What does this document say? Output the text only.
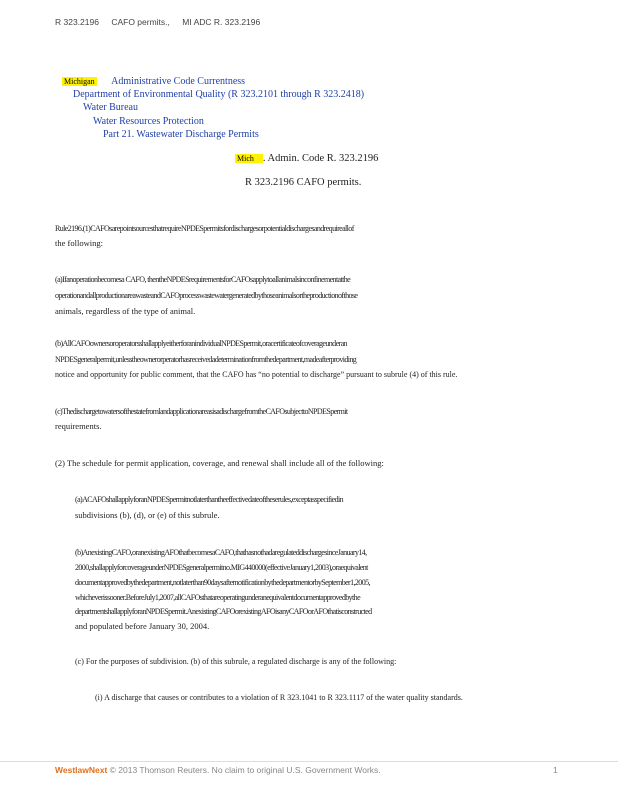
R 323.2196 CAFO permits., MI ADC R. 323.2196
Michigan Administrative Code Currentness
Department of Environmental Quality (R 323.2101 through R 323.2418)
Water Bureau
Water Resources Protection
Part 21. Wastewater Discharge Permits
Mich . Admin. Code R. 323.2196
R 323.2196 CAFO permits.
Rule2196.(1)CAFOsarepointsourcesthatrequireNPDESpermitsfordischargesorpotentialdischargesandrequireallof
the following:
(a)Ifanoperationbecomesa CAFO, thentheNPDESrequirementsforCAFOsapplytoallanimalsinconfinementatthe
operationandallproductionareawasteandCAFOprocesswastewatergeneratedbythoseanimalsortheproductionofthose
animals, regardless of the type of animal.
(b)AllCAFOownersoroperatorsshallapplyeitherforanindividualNPDESpermit,oracertificateofcoverageunderan
NPDESgeneralpermit,unlesstheownerorperatorhasreceivedadeterminationfromthedepartment,madeafterproviding
notice and opportunity for public comment, that the CAFO has “no potential to discharge” pursuant to subrule (4) of this rule.
(c)ThedischargetowatersofthestatefromlandapplicationareasisadischargefromtheCAFOsubjecttoNPDESpermit
requirements.
(2) The schedule for permit application, coverage, and renewal shall include all of the following:
(a)ACAFOshallapplyforanNPDESpermitnotlaterthantheeffectivedateoftheserules,exceptasspecifiedin
subdivisions (b), (d), or (e) of this subrule.
(b)AnexistingCAFO,oranexistingAFOthatbecomesaCAFO,thathasnothadaregulateddischargesinceJanuary14,
2000,shallapplyforcoverageunderNPDESgeneralpermitno.MIG440000(effectiveJanuary1,2003),oraequivalent
documentapprovedbythedepartment,notlaterthan90daysafternotificationbythedepartmentorbySeptember1,2005,
whicheverissooner.BeforeJuly1,2007,allCAFOsthatareoperatingunderanequivalentdocumentapprovedbythe
departmentshallapplyforanNPDESpermit.AnexistingCAFOorexistingAFOisanyCAFOorAFOthatisconstructed
and populated before January 30, 2004.
(c) For the purposes of subdivision. (b) of this subrule, a regulated discharge is any of the following:
(i) A discharge that causes or contributes to a violation of R 323.1041 to R 323.1117 of the water quality standards.
WestlawNext © 2013 Thomson Reuters. No claim to original U.S. Government Works.	1
